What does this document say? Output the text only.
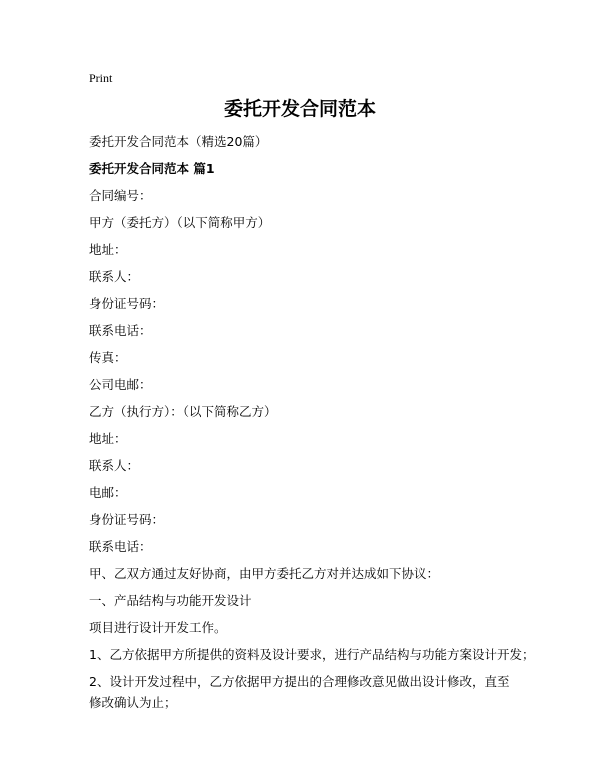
Print
委托开发合同范本
委托开发合同范本（精选20篇）
委托开发合同范本 篇1
合同编号：
甲方（委托方）（以下简称甲方）
地址：
联系人：
身份证号码：
联系电话：
传真：
公司电邮：
乙方（执行方）：（以下简称乙方）
地址：
联系人：
电邮：
身份证号码：
联系电话：
甲、乙双方通过友好协商，由甲方委托乙方对并达成如下协议：
一、产品结构与功能开发设计
项目进行设计开发工作。
1、乙方依据甲方所提供的资料及设计要求，进行产品结构与功能方案设计开发；
2、设计开发过程中，乙方依据甲方提出的合理修改意见做出设计修改，直至修改确认为止；
